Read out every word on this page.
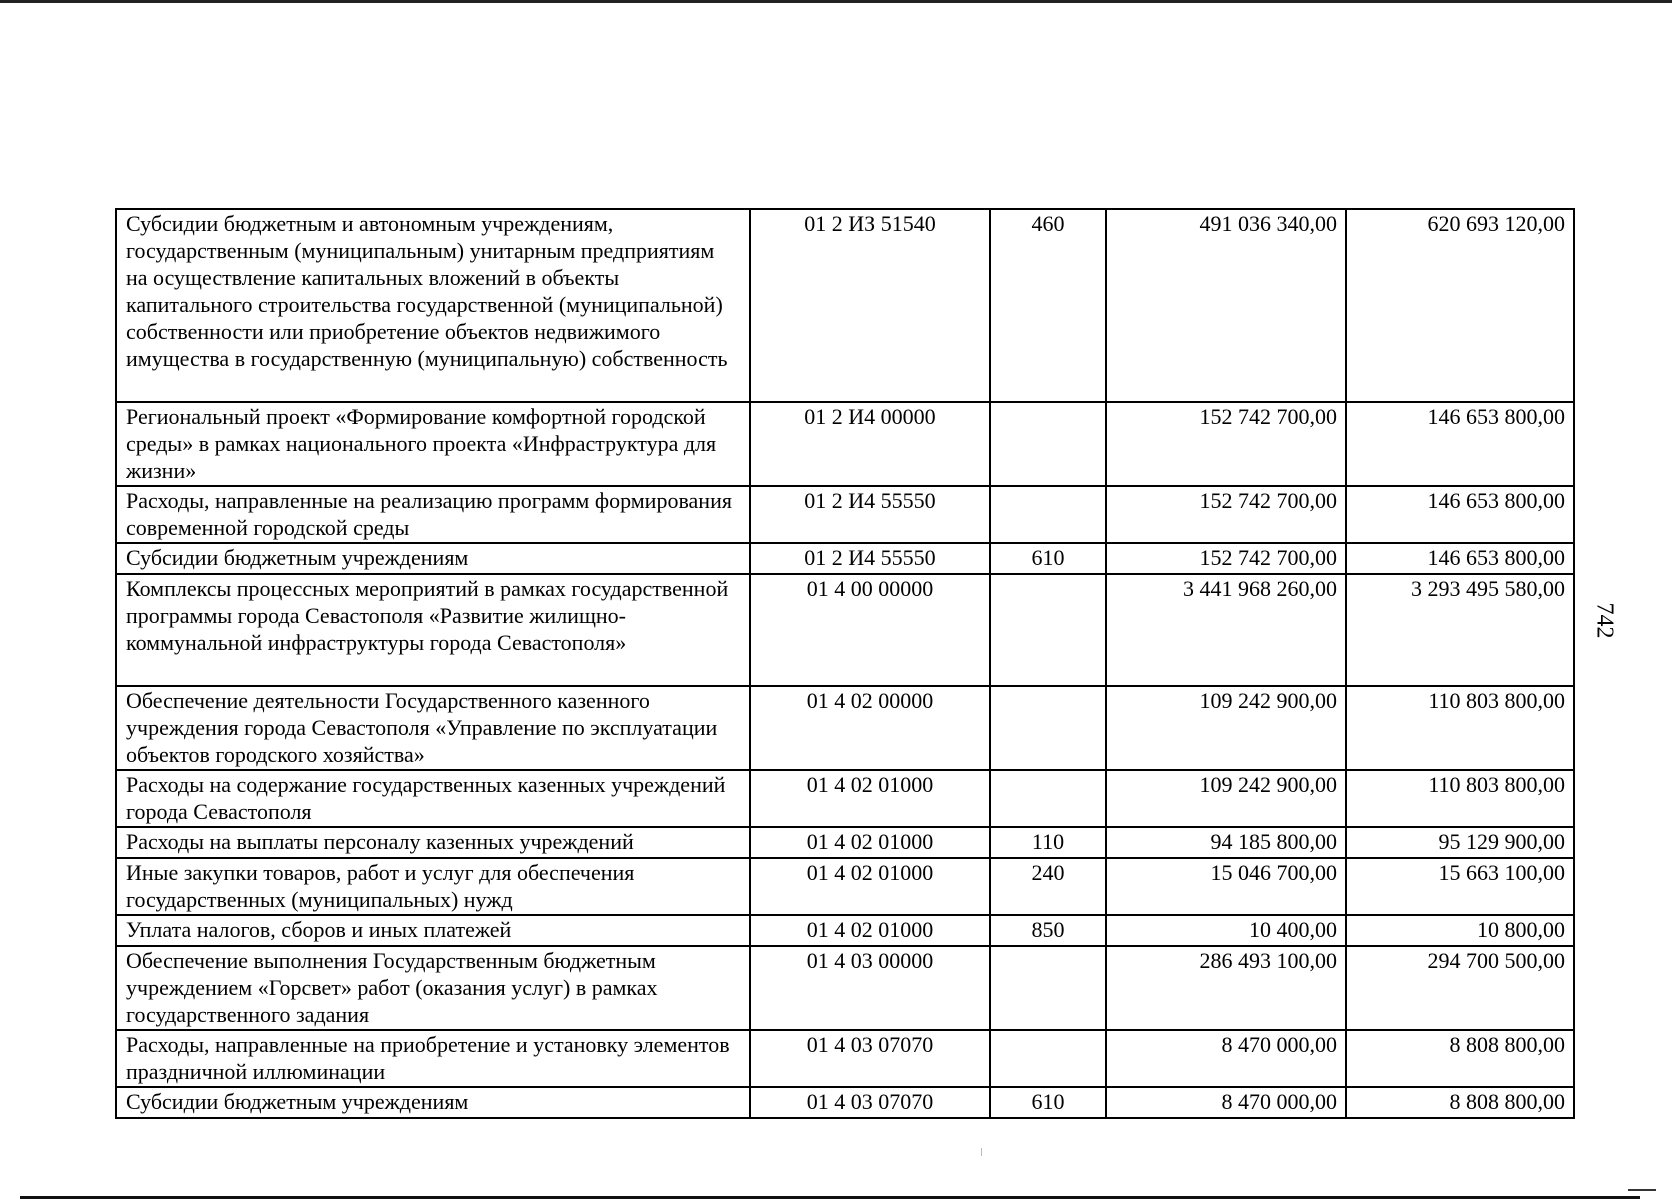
Субсидии бюджетным и автономным учреждениям, государственным (муниципальным) унитарным предприятиям на осуществление капитальных вложений в объекты капитального строительства государственной (муниципальной) собственности или приобретение объектов недвижимого имущества в государственную (муниципальную) собственность	01 2 ИЗ 51540	460	491 036 340,00	620 693 120,00
Региональный проект «Формирование комфортной городской среды» в рамках национального проекта «Инфраструктура для жизни»	01 2 И4 00000		152 742 700,00	146 653 800,00
Расходы, направленные на реализацию программ формирования современной городской среды	01 2 И4 55550		152 742 700,00	146 653 800,00
Субсидии бюджетным учреждениям	01 2 И4 55550	610	152 742 700,00	146 653 800,00
Комплексы процессных мероприятий в рамках государственной программы города Севастополя «Развитие жилищно-коммунальной инфраструктуры города Севастополя»	01 4 00 00000		3 441 968 260,00	3 293 495 580,00
Обеспечение деятельности Государственного казенного учреждения города Севастополя «Управление по эксплуатации объектов городского хозяйства»	01 4 02 00000		109 242 900,00	110 803 800,00
Расходы на содержание государственных казенных учреждений города Севастополя	01 4 02 01000		109 242 900,00	110 803 800,00
Расходы на выплаты персоналу казенных учреждений	01 4 02 01000	110	94 185 800,00	95 129 900,00
Иные закупки товаров, работ и услуг для обеспечения государственных (муниципальных) нужд	01 4 02 01000	240	15 046 700,00	15 663 100,00
Уплата налогов, сборов и иных платежей	01 4 02 01000	850	10 400,00	10 800,00
Обеспечение выполнения Государственным бюджетным учреждением «Горсвет» работ (оказания услуг) в рамках государственного задания	01 4 03 00000		286 493 100,00	294 700 500,00
Расходы, направленные на приобретение и установку элементов праздничной иллюминации	01 4 03 07070		8 470 000,00	8 808 800,00
Субсидии бюджетным учреждениям	01 4 03 07070	610	8 470 000,00	8 808 800,00
742
